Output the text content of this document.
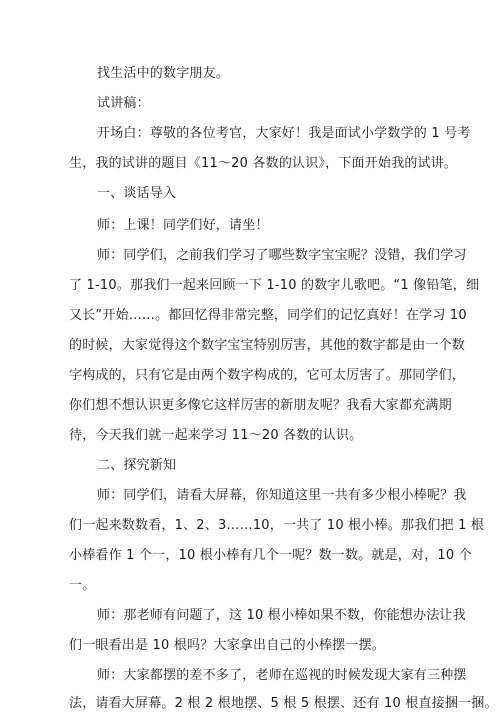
找生活中的数字朋友。
试讲稿：
开场白：尊敬的各位考官，大家好！我是面试小学数学的 1 号考
生，我的试讲的题目《11～20 各数的认识》，下面开始我的试讲。
一、谈话导入
师：上课！同学们好，请坐！
师：同学们，之前我们学习了哪些数字宝宝呢？没错，我们学习
了 1-10。那我们一起来回顾一下 1-10 的数字儿歌吧。“1 像铅笔，细
又长”开始……。都回忆得非常完整，同学们的记忆真好！在学习 10
的时候，大家觉得这个数字宝宝特别厉害，其他的数字都是由一个数
字构成的，只有它是由两个数字构成的，它可太厉害了。那同学们，
你们想不想认识更多像它这样厉害的新朋友呢？我看大家都充满期
待，今天我们就一起来学习 11～20 各数的认识。
二、探究新知
师：同学们，请看大屏幕，你知道这里一共有多少根小棒呢？我
们一起来数数看，1、2、3……10，一共了 10 根小棒。那我们把 1 根
小棒看作 1 个一，10 根小棒有几个一呢？数一数。就是，对，10 个
一。
师：那老师有问题了，这 10 根小棒如果不数，你能想办法让我
们一眼看出是 10 根吗？大家拿出自己的小棒摆一摆。
师：大家都摆的差不多了，老师在巡视的时候发现大家有三种摆
法，请看大屏幕。2 根 2 根地摆、5 根 5 根摆、还有 10 根直接捆一捆。
